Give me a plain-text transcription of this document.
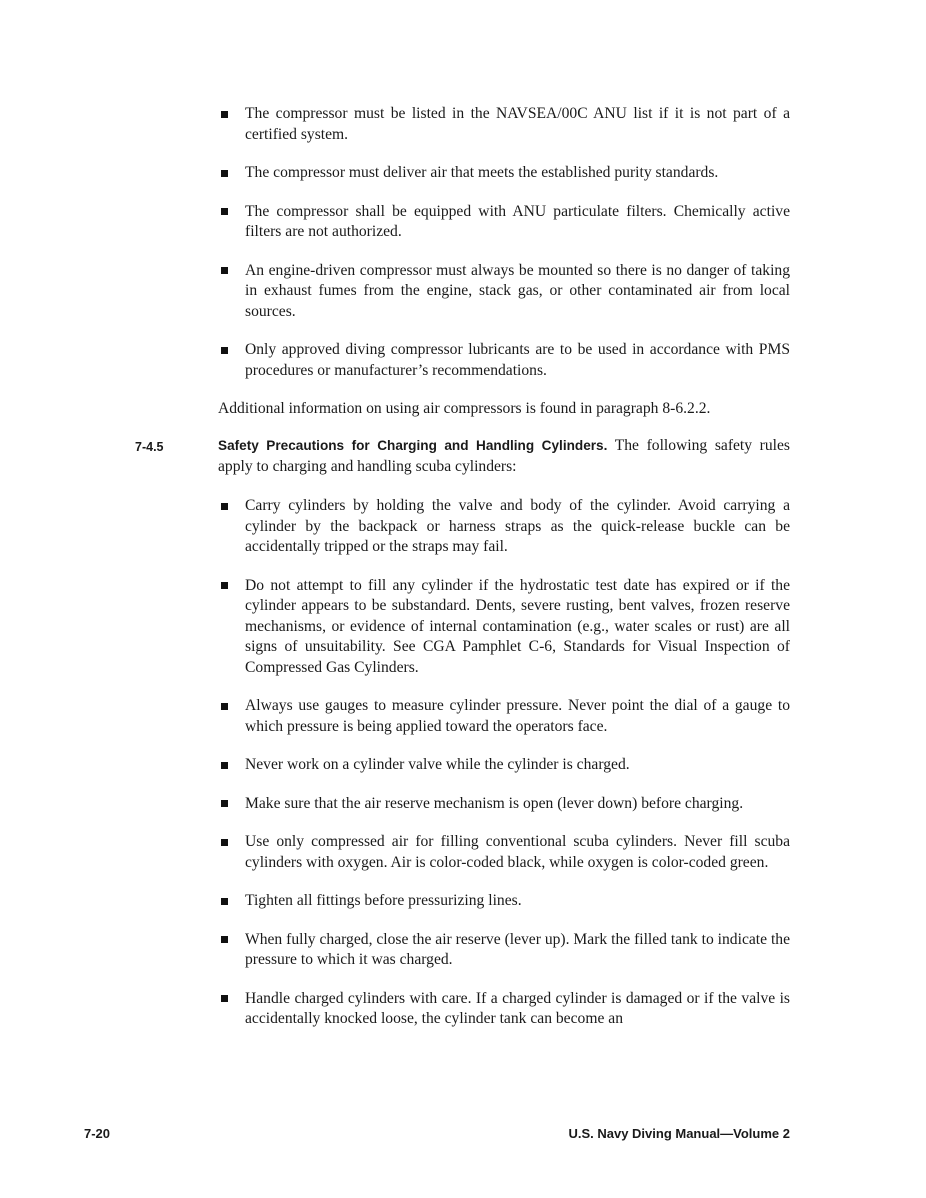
The compressor must be listed in the NAVSEA/00C ANU list if it is not part of a certified system.
The compressor must deliver air that meets the established purity standards.
The compressor shall be equipped with ANU particulate filters. Chemically active filters are not authorized.
An engine-driven compressor must always be mounted so there is no danger of taking in exhaust fumes from the engine, stack gas, or other contaminated air from local sources.
Only approved diving compressor lubricants are to be used in accordance with PMS procedures or manufacturer’s recommendations.
Additional information on using air compressors is found in paragraph 8-6.2.2.
7-4.5	Safety Precautions for Charging and Handling Cylinders. The following safety rules apply to charging and handling scuba cylinders:
Carry cylinders by holding the valve and body of the cylinder. Avoid carrying a cylinder by the backpack or harness straps as the quick-release buckle can be accidentally tripped or the straps may fail.
Do not attempt to fill any cylinder if the hydrostatic test date has expired or if the cylinder appears to be substandard. Dents, severe rusting, bent valves, frozen reserve mechanisms, or evidence of internal contamination (e.g., water scales or rust) are all signs of unsuitability. See CGA Pamphlet C-6, Standards for Visual Inspection of Compressed Gas Cylinders.
Always use gauges to measure cylinder pressure. Never point the dial of a gauge to which pressure is being applied toward the operators face.
Never work on a cylinder valve while the cylinder is charged.
Make sure that the air reserve mechanism is open (lever down) before charging.
Use only compressed air for filling conventional scuba cylinders. Never fill scuba cylinders with oxygen. Air is color-coded black, while oxygen is color-coded green.
Tighten all fittings before pressurizing lines.
When fully charged, close the air reserve (lever up). Mark the filled tank to indicate the pressure to which it was charged.
Handle charged cylinders with care. If a charged cylinder is damaged or if the valve is accidentally knocked loose, the cylinder tank can become an
7-20	U.S. Navy Diving Manual—Volume 2
